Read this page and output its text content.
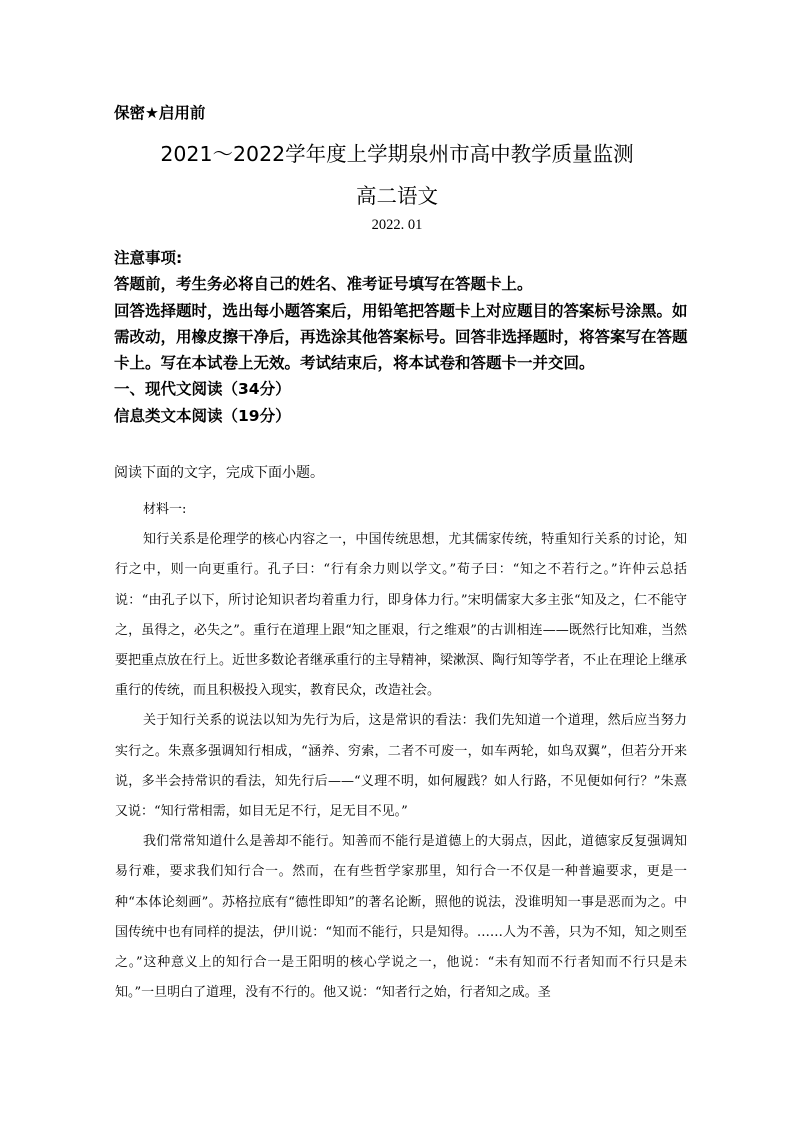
保密★启用前
2021～2022学年度上学期泉州市高中教学质量监测
高二语文
2022. 01

注意事项:

答题前，考生务必将自己的姓名、准考证号填写在答题卡上。

回答选择题时，选出每小题答案后，用铅笔把答题卡上对应题目的答案标号涂黑。如需改动，用橡皮擦干净后，再选涂其他答案标号。回答非选择题时，将答案写在答题卡上。写在本试卷上无效。考试结束后，将本试卷和答题卡一并交回。

一、现代文阅读（34分）

信息类文本阅读（19分）

阅读下面的文字，完成下面小题。

材料一:

知行关系是伦理学的核心内容之一，中国传统思想，尤其儒家传统，特重知行关系的讨论，知行之中，则一向更重行。孔子曰：“行有余力则以学文。”荀子曰：“知之不若行之。”许仲云总括说：“由孔子以下，所讨论知识者均着重力行，即身体力行。”宋明儒家大多主张“知及之，仁不能守之，虽得之，必失之”。重行在道理上跟“知之匪艰，行之维艰”的古训相连——既然行比知难，当然要把重点放在行上。近世多数论者继承重行的主导精神，梁漱溟、陶行知等学者，不止在理论上继承重行的传统，而且积极投入现实，教育民众，改造社会。

关于知行关系的说法以知为先行为后，这是常识的看法：我们先知道一个道理，然后应当努力实行之。朱熹多强调知行相成，“涵养、穷索，二者不可废一，如车两轮，如鸟双翼”，但若分开来说，多半会持常识的看法，知先行后——“义理不明，如何履践？如人行路，不见便如何行？”朱熹又说：“知行常相需，如目无足不行，足无目不见。”

我们常常知道什么是善却不能行。知善而不能行是道德上的大弱点，因此，道德家反复强调知易行难，要求我们知行合一。然而，在有些哲学家那里，知行合一不仅是一种普遍要求，更是一种“本体论刻画”。苏格拉底有“德性即知”的著名论断，照他的说法，没谁明知一事是恶而为之。中国传统中也有同样的提法，伊川说：“知而不能行，只是知得。……人为不善，只为不知，知之则至之。”这种意义上的知行合一是王阳明的核心学说之一，他说：“未有知而不行者知而不行只是未知。”一旦明白了道理，没有不行的。他又说：“知者行之始，行者知之成。圣
